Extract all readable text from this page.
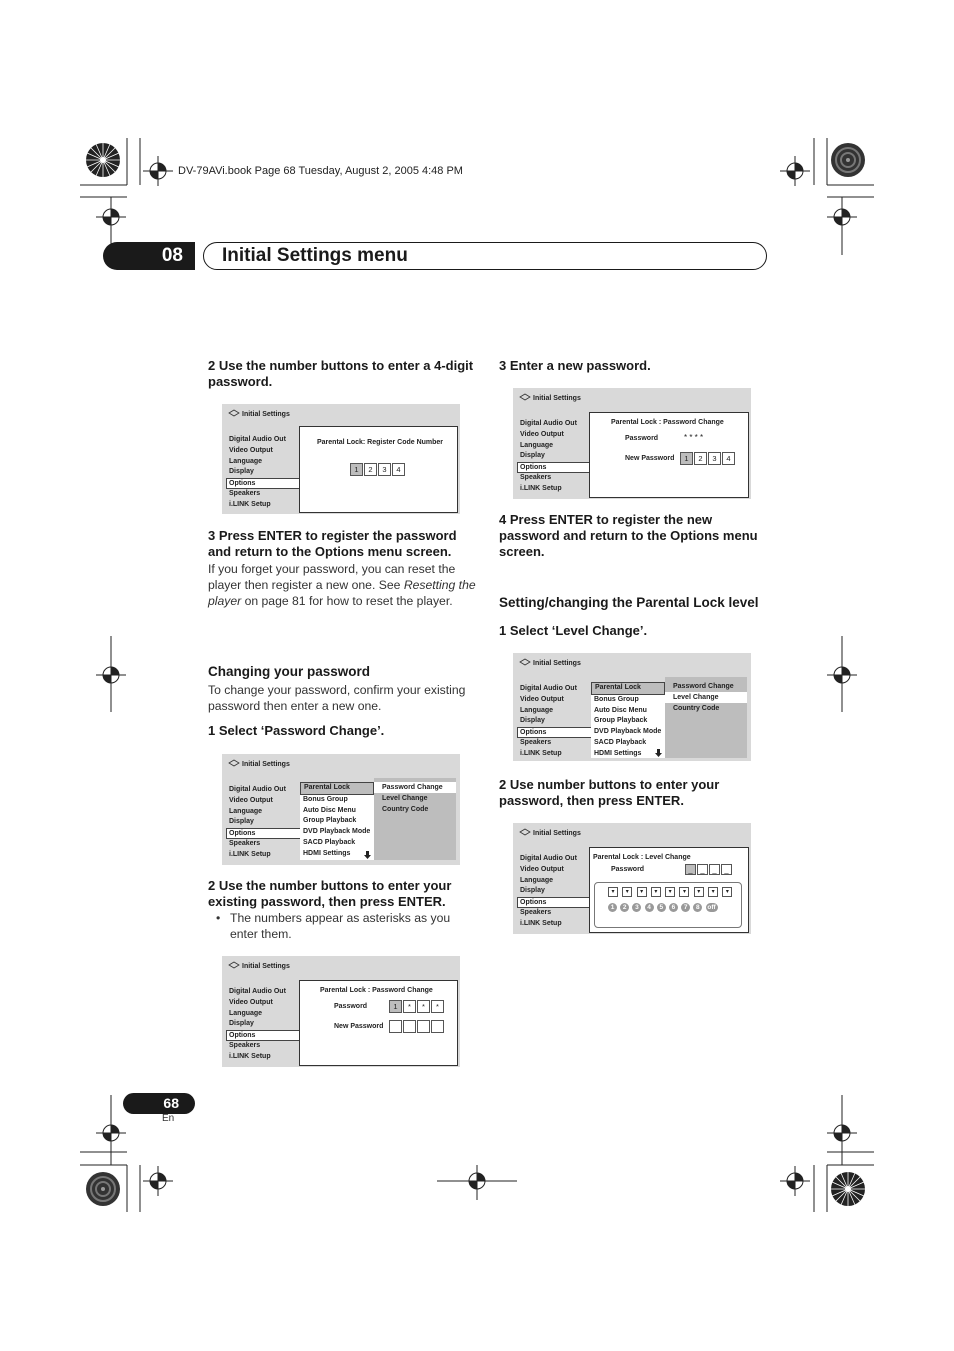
DV-79AVi.book Page 68 Tuesday, August 2, 2005 4:48 PM
08	Initial Settings menu
2 Use the number buttons to enter a 4-digit password.
Initial Settings
Digital Audio Out
Video Output
Language
Display
Options
Speakers
i.LINK Setup
Parental Lock: Register Code Number
1 2 3 4
3 Press ENTER to register the password and return to the Options menu screen.
If you forget your password, you can reset the player then register a new one. See Resetting the player on page 81 for how to reset the player.
Changing your password
To change your password, confirm your existing password then enter a new one.
1 Select ‘Password Change’.
Initial Settings
Digital Audio Out
Video Output
Language
Display
Options
Speakers
i.LINK Setup
Parental Lock
Bonus Group
Auto Disc Menu
Group Playback
DVD Playback Mode
SACD Playback
HDMI Settings
Password Change
Level Change
Country Code
2 Use the number buttons to enter your existing password, then press ENTER.
• The numbers appear as asterisks as you enter them.
Initial Settings
Digital Audio Out
Video Output
Language
Display
Options
Speakers
i.LINK Setup
Parental Lock : Password Change
Password	1 * * *
New Password
3 Enter a new password.
Initial Settings
Digital Audio Out
Video Output
Language
Display
Options
Speakers
i.LINK Setup
Parental Lock : Password Change
Password	* * * *
New Password	1 2 3 4
4 Press ENTER to register the new password and return to the Options menu screen.
Setting/changing the Parental Lock level
1 Select ‘Level Change’.
Initial Settings
Digital Audio Out
Video Output
Language
Display
Options
Speakers
i.LINK Setup
Parental Lock
Bonus Group
Auto Disc Menu
Group Playback
DVD Playback Mode
SACD Playback
HDMI Settings
Password Change
Level Change
Country Code
2 Use number buttons to enter your password, then press ENTER.
Initial Settings
Digital Audio Out
Video Output
Language
Display
Options
Speakers
i.LINK Setup
Parental Lock : Level Change
Password	_ _ _ _
▾ ▾ ▾ ▾ ▾ ▾ ▾ ▾ ▾
1 2 3 4 5 6 7 8 off
68
En
